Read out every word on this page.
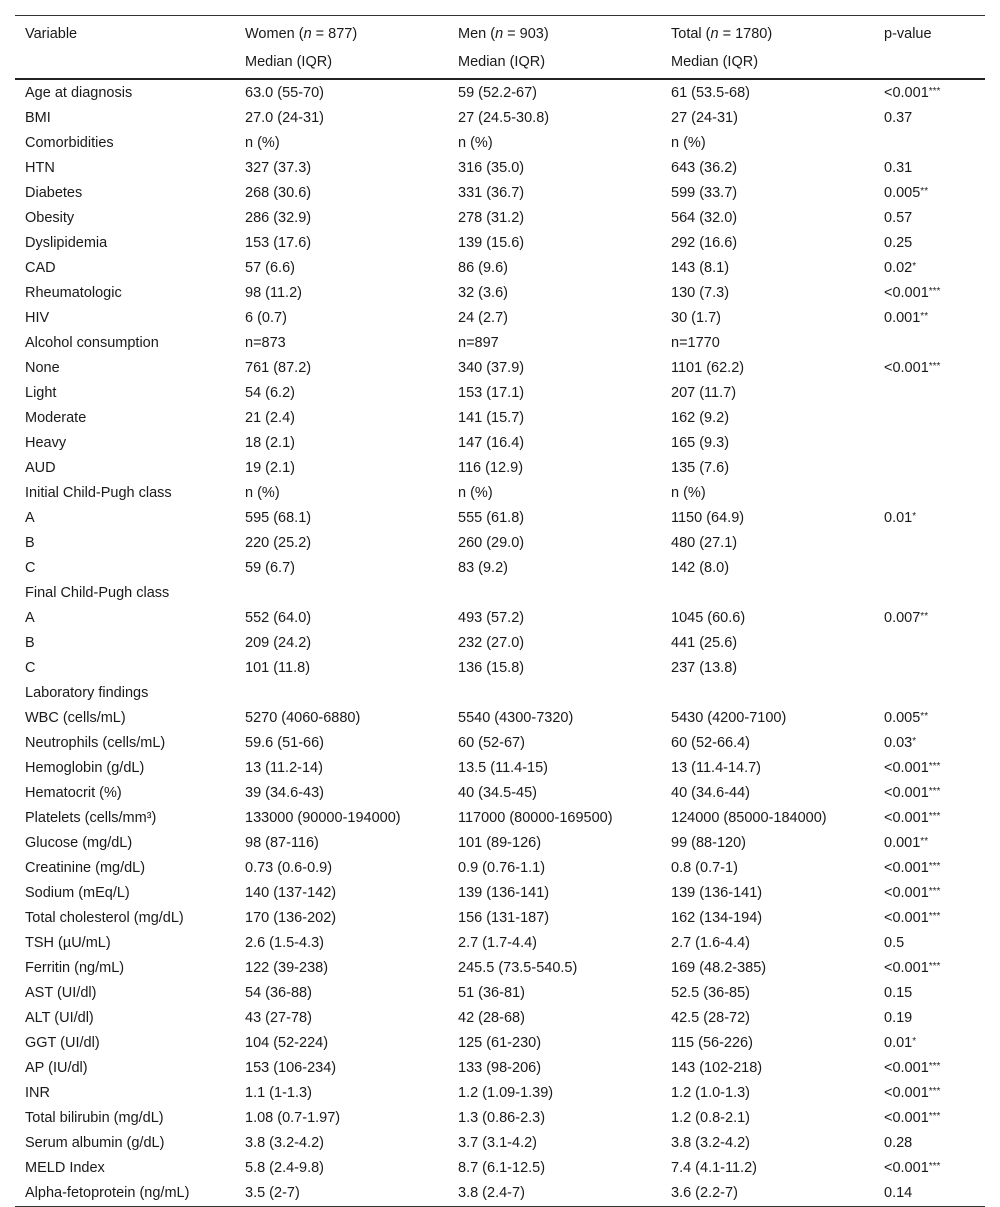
Variable	Women (n = 877)	Men (n = 903)	Total (n = 1780)	p-value
	Median (IQR)	Median (IQR)	Median (IQR)	
Age at diagnosis	63.0 (55-70)	59 (52.2-67)	61 (53.5-68)	<0.001***
BMI	27.0 (24-31)	27 (24.5-30.8)	27 (24-31)	0.37
Comorbidities	n (%)	n (%)	n (%)	
HTN	327 (37.3)	316 (35.0)	643 (36.2)	0.31
Diabetes	268 (30.6)	331 (36.7)	599 (33.7)	0.005**
Obesity	286 (32.9)	278 (31.2)	564 (32.0)	0.57
Dyslipidemia	153 (17.6)	139 (15.6)	292 (16.6)	0.25
CAD	57 (6.6)	86 (9.6)	143 (8.1)	0.02*
Rheumatologic	98 (11.2)	32 (3.6)	130 (7.3)	<0.001***
HIV	6 (0.7)	24 (2.7)	30 (1.7)	0.001**
Alcohol consumption	n=873	n=897	n=1770	
None	761 (87.2)	340 (37.9)	1101 (62.2)	<0.001***
Light	54 (6.2)	153 (17.1)	207 (11.7)	
Moderate	21 (2.4)	141 (15.7)	162 (9.2)	
Heavy	18 (2.1)	147 (16.4)	165 (9.3)	
AUD	19 (2.1)	116 (12.9)	135 (7.6)	
Initial Child-Pugh class	n (%)	n (%)	n (%)	
A	595 (68.1)	555 (61.8)	1150 (64.9)	0.01*
B	220 (25.2)	260 (29.0)	480 (27.1)	
C	59 (6.7)	83 (9.2)	142 (8.0)	
Final Child-Pugh class				
A	552 (64.0)	493 (57.2)	1045 (60.6)	0.007**
B	209 (24.2)	232 (27.0)	441 (25.6)	
C	101 (11.8)	136 (15.8)	237 (13.8)	
Laboratory findings				
WBC (cells/mL)	5270 (4060-6880)	5540 (4300-7320)	5430 (4200-7100)	0.005**
Neutrophils (cells/mL)	59.6 (51-66)	60 (52-67)	60 (52-66.4)	0.03*
Hemoglobin (g/dL)	13 (11.2-14)	13.5 (11.4-15)	13 (11.4-14.7)	<0.001***
Hematocrit (%)	39 (34.6-43)	40 (34.5-45)	40 (34.6-44)	<0.001***
Platelets (cells/mm³)	133000 (90000-194000)	117000 (80000-169500)	124000 (85000-184000)	<0.001***
Glucose (mg/dL)	98 (87-116)	101 (89-126)	99 (88-120)	0.001**
Creatinine (mg/dL)	0.73 (0.6-0.9)	0.9 (0.76-1.1)	0.8 (0.7-1)	<0.001***
Sodium (mEq/L)	140 (137-142)	139 (136-141)	139 (136-141)	<0.001***
Total cholesterol (mg/dL)	170 (136-202)	156 (131-187)	162 (134-194)	<0.001***
TSH (µU/mL)	2.6 (1.5-4.3)	2.7 (1.7-4.4)	2.7 (1.6-4.4)	0.5
Ferritin (ng/mL)	122 (39-238)	245.5 (73.5-540.5)	169 (48.2-385)	<0.001***
AST (UI/dl)	54 (36-88)	51 (36-81)	52.5 (36-85)	0.15
ALT (UI/dl)	43 (27-78)	42 (28-68)	42.5 (28-72)	0.19
GGT (UI/dl)	104 (52-224)	125 (61-230)	115 (56-226)	0.01*
AP (IU/dl)	153 (106-234)	133 (98-206)	143 (102-218)	<0.001***
INR	1.1 (1-1.3)	1.2 (1.09-1.39)	1.2 (1.0-1.3)	<0.001***
Total bilirubin (mg/dL)	1.08 (0.7-1.97)	1.3 (0.86-2.3)	1.2 (0.8-2.1)	<0.001***
Serum albumin (g/dL)	3.8 (3.2-4.2)	3.7 (3.1-4.2)	3.8 (3.2-4.2)	0.28
MELD Index	5.8 (2.4-9.8)	8.7 (6.1-12.5)	7.4 (4.1-11.2)	<0.001***
Alpha-fetoprotein (ng/mL)	3.5 (2-7)	3.8 (2.4-7)	3.6 (2.2-7)	0.14
